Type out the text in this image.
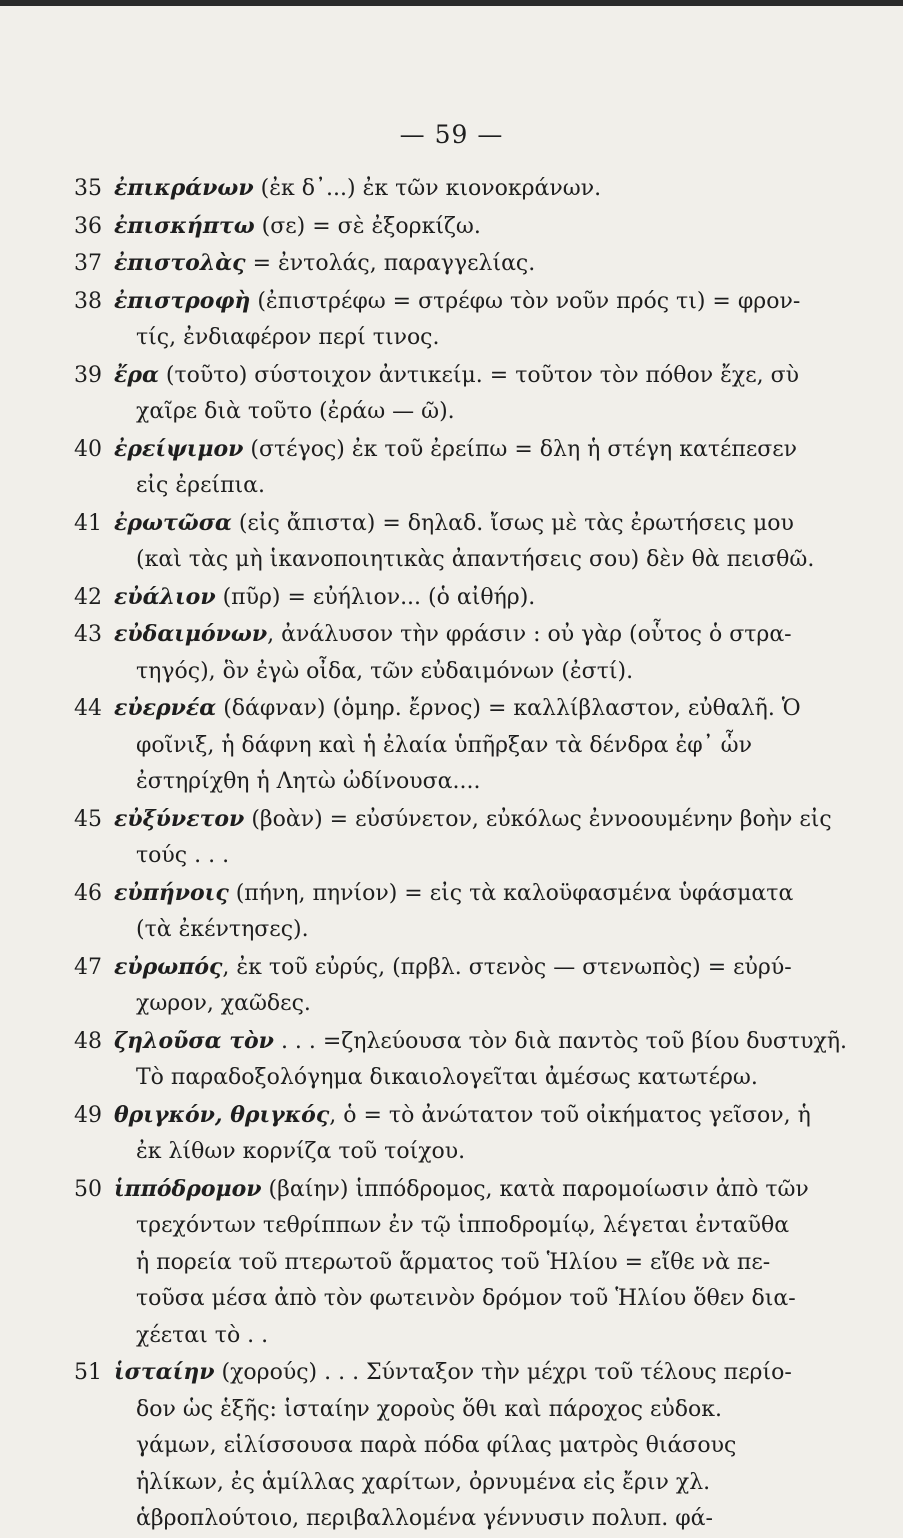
— 59 —
35 ἐπικράνων (ἐκ δ᾽...) ἐκ τῶν κιονοκράνων.
36 ἐπισκήπτω (σε) = σὲ ἐξορκίζω.
37 ἐπιστολὰς = ἐντολάς, παραγγελίας.
38 ἐπιστροφὴ (ἐπιστρέφω = στρέφω τὸν νοῦν πρός τι) = φρον-
τίς, ἐνδιαφέρον περί τινος.
39 ἔρα (τοῦτο) σύστοιχον ἀντικείμ. = τοῦτον τὸν πόθον ἔχε, σὺ
χαῖρε διὰ τοῦτο (ἐράω — ῶ).
40 ἐρείψιμον (στέγος) ἐκ τοῦ ἐρείπω = δλη ἡ στέγη κατέπεσεν
εἰς ἐρείπια.
41 ἐρωτῶσα (εἰς ἄπιστα) = δηλαδ. ἴσως μὲ τὰς ἐρωτήσεις μου
(καὶ τὰς μὴ ἱκανοποιητικὰς ἀπαντήσεις σου) δὲν θὰ πεισθῶ.
42 εὐάλιον (πῦρ) = εὐήλιον... (ὁ αἰθήρ).
43 εὐδαιμόνων, ἀνάλυσον τὴν φράσιν : οὐ γὰρ (οὗτος ὁ στρα-
τηγός), ὃν ἐγὼ οἶδα, τῶν εὐδαιμόνων (ἐστί).
44 εὐερνέα (δάφναν) (ὁμηρ. ἔρνος) = καλλίβλαστον, εὐθαλῆ. Ὁ
φοῖνιξ, ἡ δάφνη καὶ ἡ ἐλαία ὑπῆρξαν τὰ δένδρα ἐφ᾽ ὧν
ἐστηρίχθη ἡ Λητὼ ὠδίνουσα....
45 εὐξύνετον (βοὰν) = εὐσύνετον, εὐκόλως ἐννοουμένην βοὴν εἰς
τούς . . .
46 εὐπήνοις (πήνη, πηνίον) = εἰς τὰ καλοϋφασμένα ὑφάσματα
(τὰ ἐκέντησες).
47 εὐρωπός, ἐκ τοῦ εὐρύς, (πρβλ. στενὸς — στενωπὸς) = εὐρύ-
χωρον, χαῶδες.
48 ζηλοῦσα τὸν . . . =ζηλεύουσα τὸν διὰ παντὸς τοῦ βίου δυστυχῆ.
Τὸ παραδοξολόγημα δικαιολογεῖται ἀμέσως κατωτέρω.
49 θριγκόν, θριγκός, ὁ = τὸ ἀνώτατον τοῦ οἰκήματος γεῖσον, ἡ
ἐκ λίθων κορνίζα τοῦ τοίχου.
50 ἱππόδρομον (βαίην) ἱππόδρομος, κατὰ παρομοίωσιν ἀπὸ τῶν
τρεχόντων τεθρίππων ἐν τῷ ἱπποδρομίῳ, λέγεται ἐνταῦθα
ἡ πορεία τοῦ πτερωτοῦ ἅρματος τοῦ Ἡλίου = εἴθε νὰ πε-
τοῦσα μέσα ἀπὸ τὸν φωτεινὸν δρόμον τοῦ Ἡλίου ὅθεν δια-
χέεται τὸ . .
51 ἱσταίην (χορούς) . . . Σύνταξον τὴν μέχρι τοῦ τέλους περίο-
δον ὡς ἑξῆς: ἱσταίην χοροὺς ὅθι καὶ πάροχος εὐδοκ.
γάμων, εἱλίσσουσα παρὰ πόδα φίλας ματρὸς θιάσους
ἡλίκων, ἐς ἁμίλλας χαρίτων, ὀρνυμένα εἰς ἔριν χλ.
ἁβροπλούτοιο, περιβαλλομένα γέννυσιν πολυπ. φά-
